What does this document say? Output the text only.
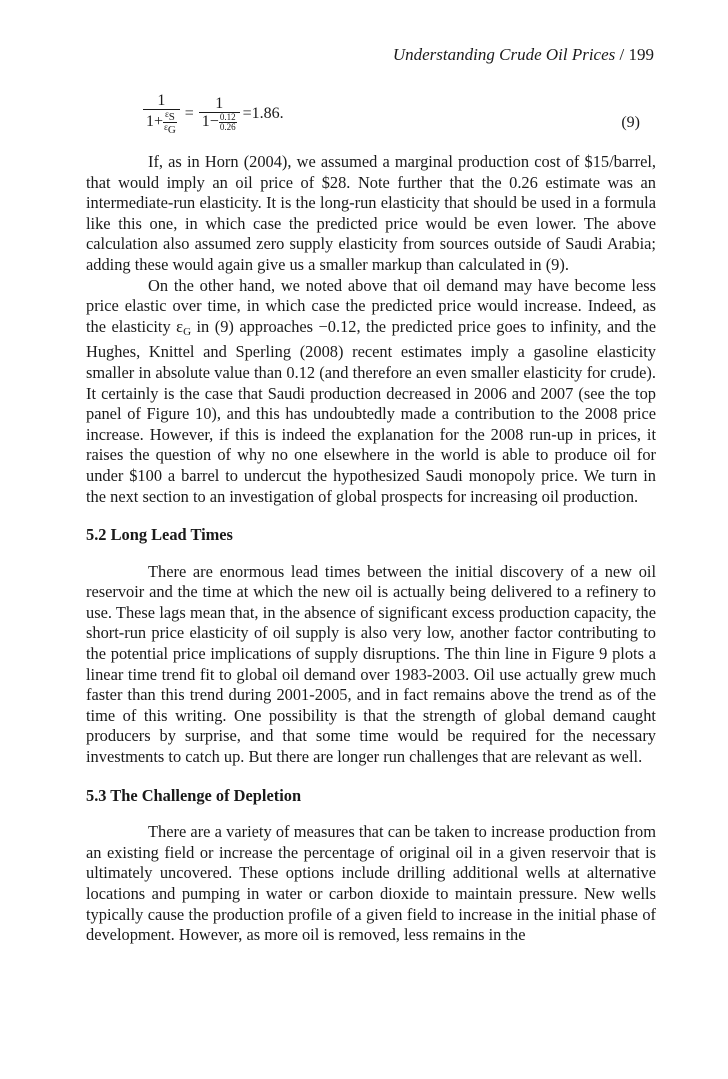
Understanding Crude Oil Prices / 199
$\frac{1}{1+ \frac{\varepsilon S}{\varepsilon G}} = \frac{1}{1- \frac{0.12}{0.26}} =1.86$.
(9)

If, as in Horn (2004), we assumed a marginal production cost of $15/barrel, that would imply an oil price of $28. Note further that the 0.26 estimate was an intermediate-run elasticity. It is the long-run elasticity that should be used in a formula like this one, in which case the predicted price would be even lower. The above calculation also assumed zero supply elasticity from sources outside of Saudi Arabia; adding these would again give us a smaller markup than calculated in (9).

On the other hand, we noted above that oil demand may have become less price elastic over time, in which case the predicted price would increase. Indeed, as the elasticity $\varepsilon_G$ in (9) approaches −0.12, the predicted price goes to infinity, and the Hughes, Knittel and Sperling (2008) recent estimates imply a gasoline elasticity smaller in absolute value than 0.12 (and therefore an even smaller elasticity for crude). It certainly is the case that Saudi production decreased in 2006 and 2007 (see the top panel of Figure 10), and this has undoubtedly made a contribution to the 2008 price increase. However, if this is indeed the explanation for the 2008 run-up in prices, it raises the question of why no one elsewhere in the world is able to produce oil for under $100 a barrel to undercut the hypothesized Saudi monopoly price. We turn in the next section to an investigation of global prospects for increasing oil production.

5.2 Long Lead Times

There are enormous lead times between the initial discovery of a new oil reservoir and the time at which the new oil is actually being delivered to a refinery to use. These lags mean that, in the absence of significant excess production capacity, the short-run price elasticity of oil supply is also very low, another factor contributing to the potential price implications of supply disruptions. The thin line in Figure 9 plots a linear time trend fit to global oil demand over 1983-2003. Oil use actually grew much faster than this trend during 2001-2005, and in fact remains above the trend as of the time of this writing. One possibility is that the strength of global demand caught producers by surprise, and that some time would be required for the necessary investments to catch up. But there are longer run challenges that are relevant as well.

5.3 The Challenge of Depletion

There are a variety of measures that can be taken to increase production from an existing field or increase the percentage of original oil in a given reservoir that is ultimately uncovered. These options include drilling additional wells at alternative locations and pumping in water or carbon dioxide to maintain pressure. New wells typically cause the production profile of a given field to increase in the initial phase of development. However, as more oil is removed, less remains in the
